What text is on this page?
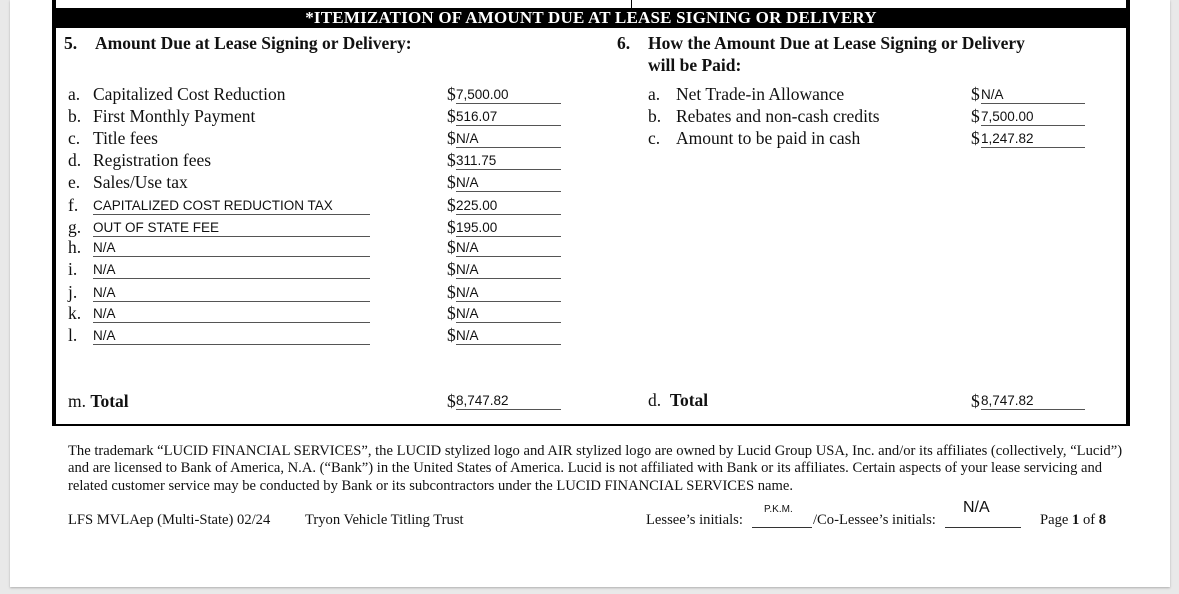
*ITEMIZATION OF AMOUNT DUE AT LEASE SIGNING OR DELIVERY
5. Amount Due at Lease Signing or Delivery:	6. How the Amount Due at Lease Signing or Delivery
will be Paid:
a. Capitalized Cost Reduction	$ 7,500.00
b. First Monthly Payment	$ 516.07
c. Title fees	$ N/A
d. Registration fees	$ 311.75
e. Sales/Use tax	$ N/A
f. CAPITALIZED COST REDUCTION TAX	$ 225.00
g. OUT OF STATE FEE	$ 195.00
h. N/A	$ N/A
i. N/A	$ N/A
j. N/A	$ N/A
k. N/A	$ N/A
l. N/A	$ N/A
a. Net Trade-in Allowance	$ N/A
b. Rebates and non-cash credits	$ 7,500.00
c. Amount to be paid in cash	$ 1,247.82
m. Total	$ 8,747.82	d. Total	$ 8,747.82
The trademark “LUCID FINANCIAL SERVICES”, the LUCID stylized logo and AIR stylized logo are owned by Lucid Group USA, Inc. and/or its affiliates (collectively, “Lucid”) and are licensed to Bank of America, N.A. (“Bank”) in the United States of America. Lucid is not affiliated with Bank or its affiliates. Certain aspects of your lease servicing and related customer service may be conducted by Bank or its subcontractors under the LUCID FINANCIAL SERVICES name.
LFS MVLAep (Multi-State) 02/24 Tryon Vehicle Titling Trust	Lessee’s initials:
P.K.M.
/Co-Lessee’s initials:
N/A
Page 1 of 8
